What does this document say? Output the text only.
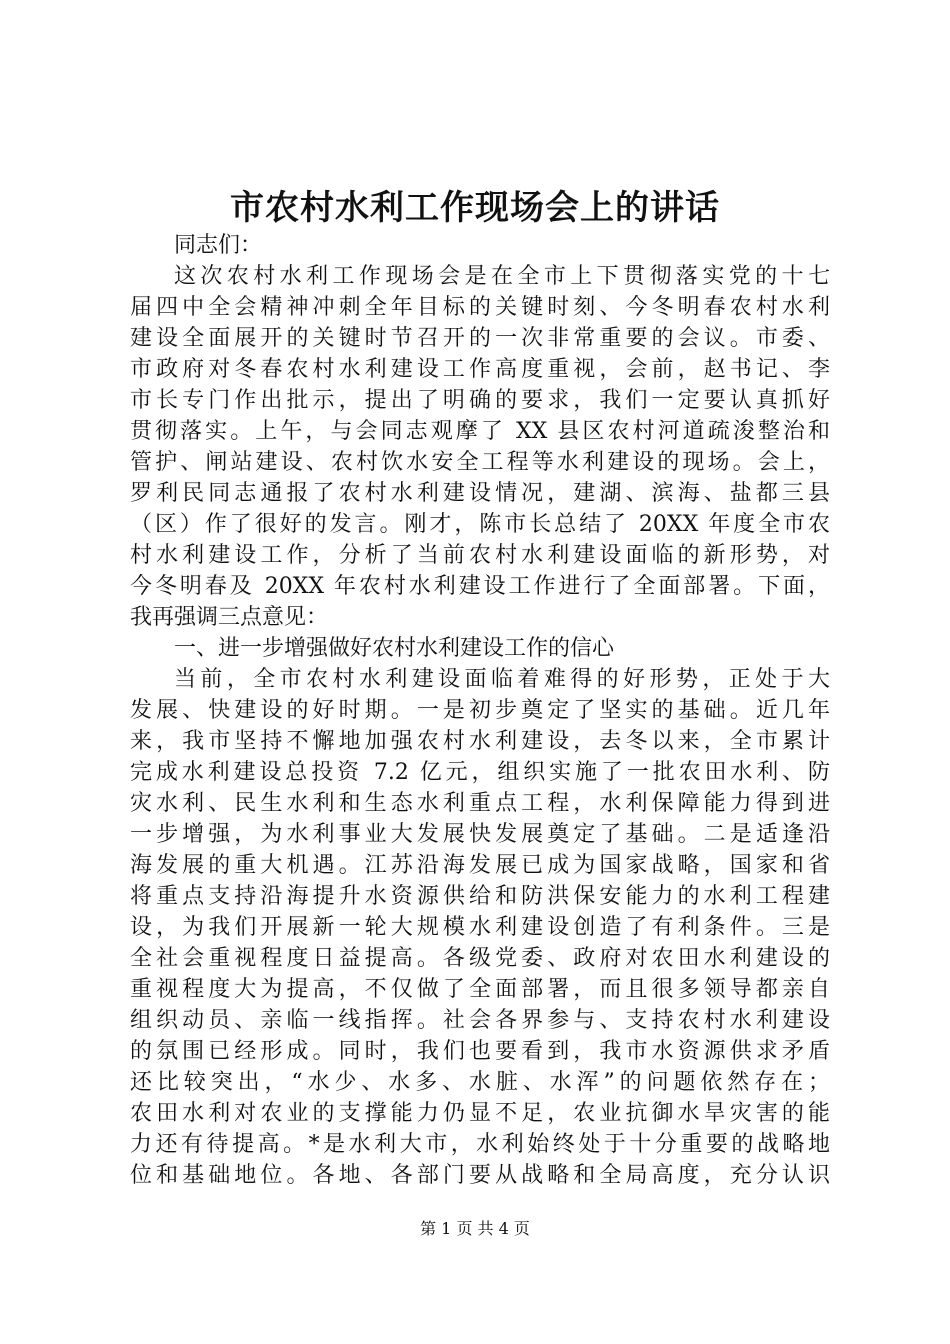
市农村水利工作现场会上的讲话
同志们：
这次农村水利工作现场会是在全市上下贯彻落实党的十七
届四中全会精神冲刺全年目标的关键时刻、今冬明春农村水利
建设全面展开的关键时节召开的一次非常重要的会议。市委、
市政府对冬春农村水利建设工作高度重视，会前，赵书记、李
市长专门作出批示，提出了明确的要求，我们一定要认真抓好
贯彻落实。上午，与会同志观摩了 XX 县区农村河道疏浚整治和
管护、闸站建设、农村饮水安全工程等水利建设的现场。会上，
罗利民同志通报了农村水利建设情况，建湖、滨海、盐都三县
（区）作了很好的发言。刚才，陈市长总结了 20XX 年度全市农
村水利建设工作，分析了当前农村水利建设面临的新形势，对
今冬明春及 20XX 年农村水利建设工作进行了全面部署。下面，
我再强调三点意见：
一、进一步增强做好农村水利建设工作的信心
当前，全市农村水利建设面临着难得的好形势，正处于大
发展、快建设的好时期。一是初步奠定了坚实的基础。近几年
来，我市坚持不懈地加强农村水利建设，去冬以来，全市累计
完成水利建设总投资 7.2 亿元，组织实施了一批农田水利、防
灾水利、民生水利和生态水利重点工程，水利保障能力得到进
一步增强，为水利事业大发展快发展奠定了基础。二是适逢沿
海发展的重大机遇。江苏沿海发展已成为国家战略，国家和省
将重点支持沿海提升水资源供给和防洪保安能力的水利工程建
设，为我们开展新一轮大规模水利建设创造了有利条件。三是
全社会重视程度日益提高。各级党委、政府对农田水利建设的
重视程度大为提高，不仅做了全面部署，而且很多领导都亲自
组织动员、亲临一线指挥。社会各界参与、支持农村水利建设
的氛围已经形成。同时，我们也要看到，我市水资源供求矛盾
还比较突出，“水少、水多、水脏、水浑”的问题依然存在；
农田水利对农业的支撑能力仍显不足，农业抗御水旱灾害的能
力还有待提高。*是水利大市，水利始终处于十分重要的战略地
位和基础地位。各地、各部门要从战略和全局高度，充分认识
第 1 页 共 4 页
